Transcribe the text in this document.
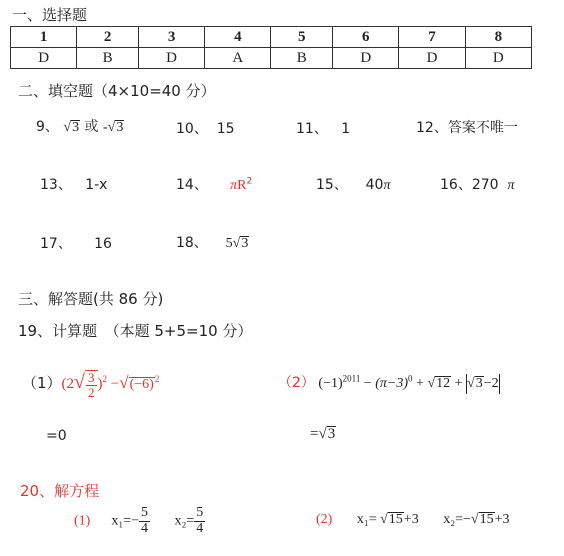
一、选择题
1	2	3	4	5	6	7	8
D	B	D	A	B	D	D	D
二、填空题（4×10=40 分）
9、 √3 或 -√3	10、 15	11、 1	12、答案不唯一
13、 1-x	14、 $\pi R^2$	15、 40π	16、270 π
17、 16	18、 5√3
三、解答题(共 86 分)
19、计算题　（本题 5+5=10 分）
$(1)(2√ \frac{3}{2} )^2 -√(-6)^2$
=0
（2） $(-1)^{2011} - (\pi-3)^0 + √12 + √3-2$
=√3
20、解方程
(1) $x_1=- \frac{5}{4} x_2= \frac{5}{4}$	(2) x₁= √15+3 x₂=−√15+3
